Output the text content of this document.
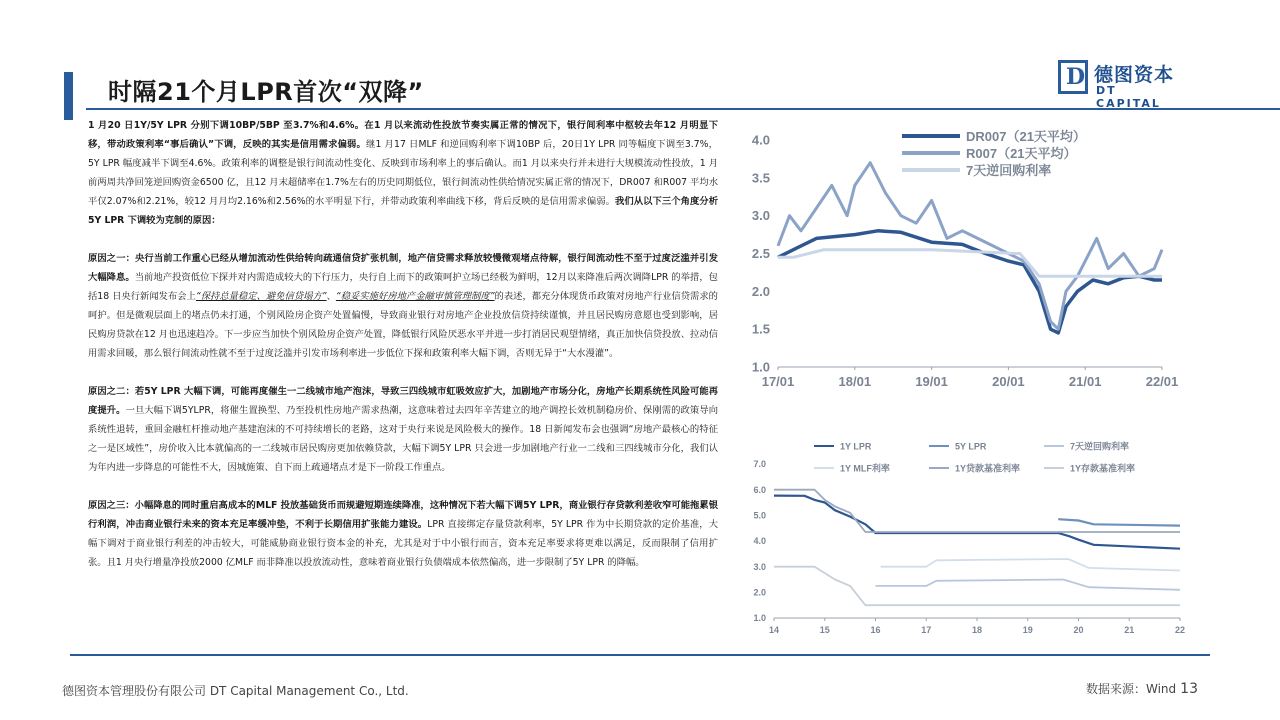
时隔21个月LPR首次“双降”
D 德图资本
DT CAPITAL

1 月20 日1Y/5Y LPR 分别下调10BP/5BP 至3.7%和4.6%。在1 月以来流动性投放节奏实属正常的情况下，银行间利率中枢较去年12 月明显下移，带动政策利率“事后确认”下调，反映的其实是信用需求偏弱。继1 月17 日MLF 和逆回购利率下调10BP 后，20日1Y LPR 同等幅度下调至3.7%，5Y LPR 幅度减半下调至4.6%。政策利率的调整是银行间流动性变化、反映到市场利率上的事后确认。而1 月以来央行并未进行大规模流动性投放，1 月前两周共净回笼逆回购资金6500 亿，且12 月末超储率在1.7%左右的历史同期低位，银行间流动性供给情况实属正常的情况下，DR007 和R007 平均水平仅2.07%和2.21%，较12 月月均2.16%和2.56%的水平明显下行，并带动政策利率曲线下移，背后反映的是信用需求偏弱。我们从以下三个角度分析5Y LPR 下调较为克制的原因：

原因之一：央行当前工作重心已经从增加流动性供给转向疏通信贷扩张机制，地产信贷需求释放较慢微观堵点待解，银行间流动性不至于过度泛滥并引发大幅降息。当前地产投资低位下探并对内需造成较大的下行压力，央行自上而下的政策呵护立场已经极为鲜明，12月以来降准后两次调降LPR 的举措，包括18 日央行新闻发布会上“保持总量稳定、避免信贷塌方”、“稳妥实施好房地产金融审慎管理制度”的表述，都充分体现货币政策对房地产行业信贷需求的呵护。但是微观层面上的堵点仍未打通，个别风险房企资产处置偏慢，导致商业银行对房地产企业投放信贷持续谨慎，并且居民购房意愿也受到影响，居民购房贷款在12 月也迅速趋冷。下一步应当加快个别风险房企资产处置，降低银行风险厌恶水平并进一步打消居民观望情绪，真正加快信贷投放、拉动信用需求回暖，那么银行间流动性就不至于过度泛滥并引发市场利率进一步低位下探和政策利率大幅下调，否则无异于“大水漫灌”。

原因之二：若5Y LPR 大幅下调，可能再度催生一二线城市地产泡沫，导致三四线城市虹吸效应扩大，加剧地产市场分化，房地产长期系统性风险可能再度提升。一旦大幅下调5YLPR，将催生置换型、乃至投机性房地产需求热潮，这意味着过去四年辛苦建立的地产调控长效机制稳房价、保刚需的政策导向系统性退转，重回金融杠杆推动地产基建泡沫的不可持续增长的老路，这对于央行来说是风险极大的操作。18 日新闻发布会也强调“房地产最核心的特征之一是区域性”，房价收入比本就偏高的一二线城市居民购房更加依赖贷款，大幅下调5Y LPR 只会进一步加剧地产行业一二线和三四线城市分化，我们认为年内进一步降息的可能性不大，因城施策、自下而上疏通堵点才是下一阶段工作重点。

原因之三：小幅降息的同时重启高成本的MLF 投放基础货币而规避短期连续降准，这种情况下若大幅下调5Y LPR，商业银行存贷款利差收窄可能拖累银行利润，冲击商业银行未来的资本充足率缓冲垫，不利于长期信用扩张能力建设。LPR 直接绑定存量贷款利率，5Y LPR 作为中长期贷款的定价基准，大幅下调对于商业银行利差的冲击较大，可能威胁商业银行资本金的补充，尤其是对于中小银行而言，资本充足率要求将更难以满足，反而限制了信用扩张。且1 月央行增量净投放2000 亿MLF 而非降准以投放流动性，意味着商业银行负债端成本依然偏高，进一步限制了5Y LPR 的降幅。

1.0
1.5
2.0
2.5
3.0
3.5
4.0
17/01	18/01	19/01	20/01	21/01	22/01
DR007（21天平均）
R007（21天平均）
7天逆回购利率
1.0
2.0
3.0
4.0
5.0
6.0
7.0
14	15	16	17	18	19	20	21	22
1Y LPR	5Y LPR	7天逆回购利率
1Y MLF利率	1Y贷款基准利率	1Y存款基准利率
德图资本管理股份有限公司 DT Capital Management Co., Ltd.	数据来源：Wind 13
